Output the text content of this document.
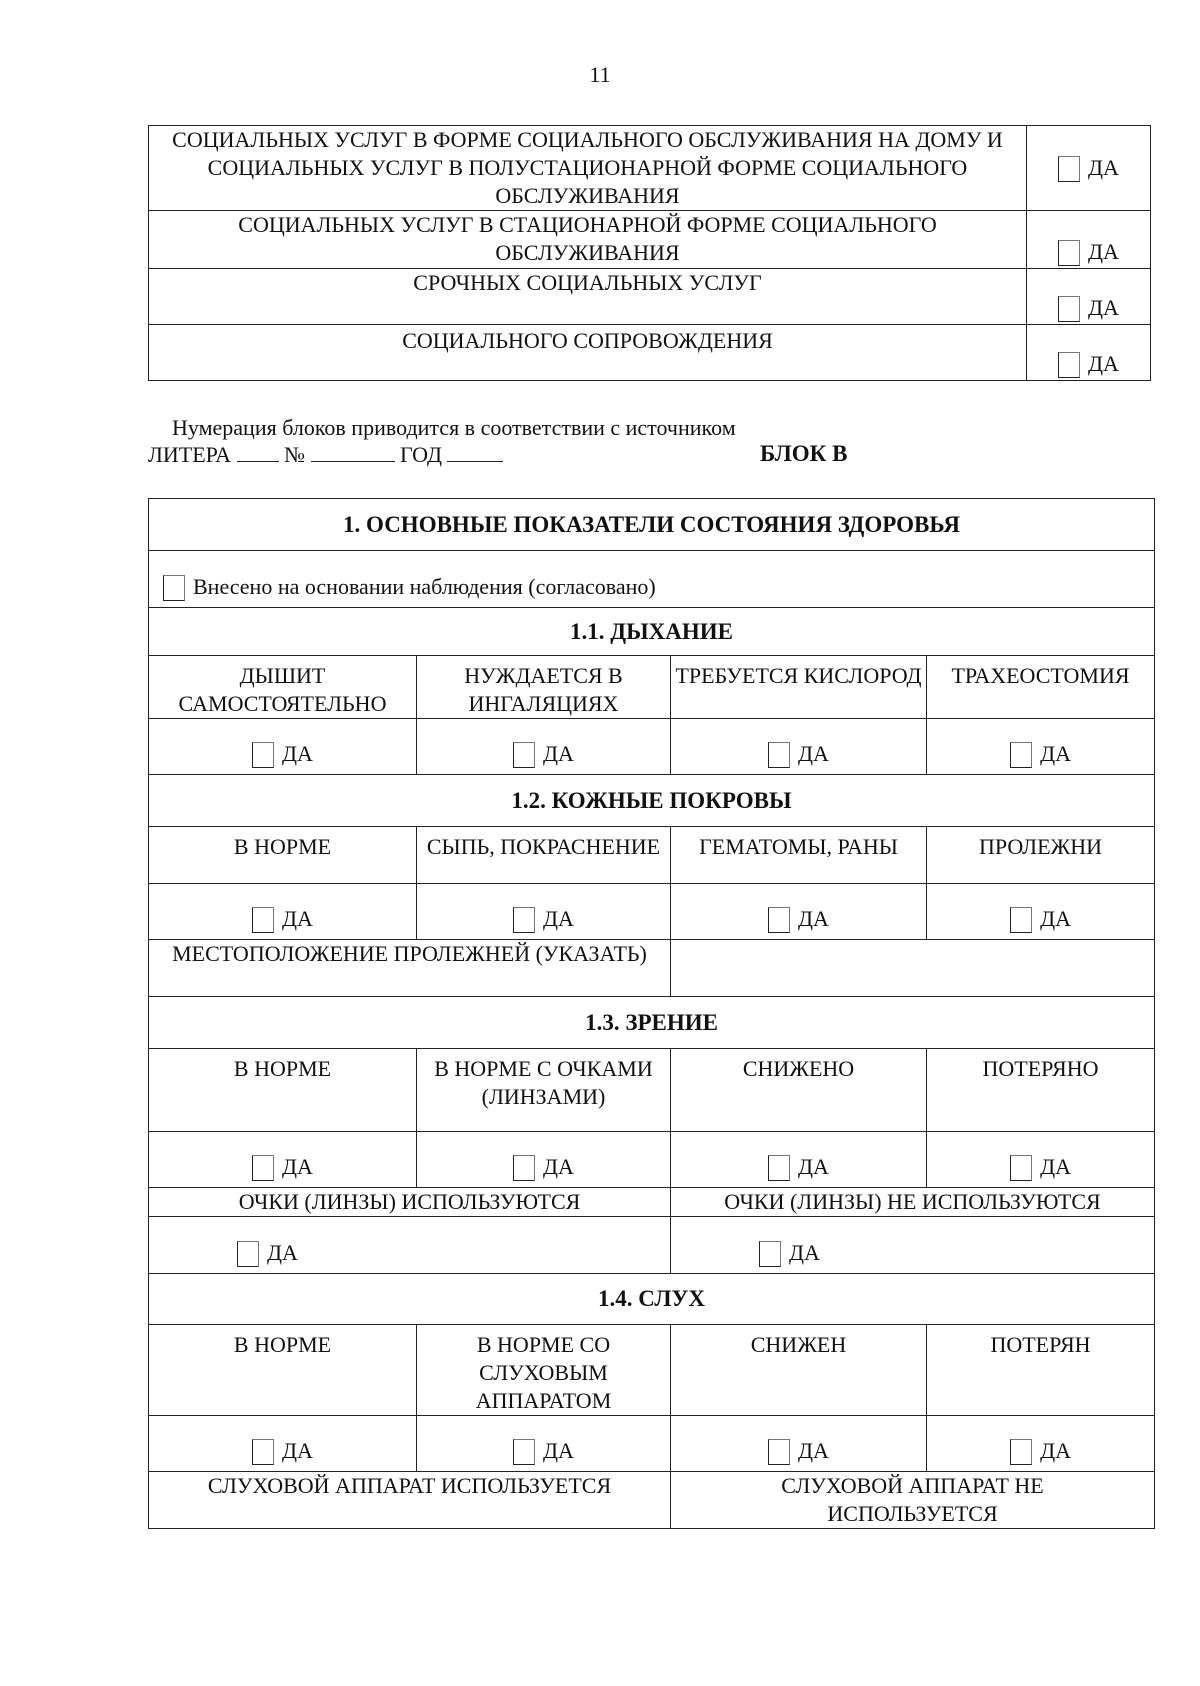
11
СОЦИАЛЬНЫХ УСЛУГ В ФОРМЕ СОЦИАЛЬНОГО ОБСЛУЖИВАНИЯ НА ДОМУ И СОЦИАЛЬНЫХ УСЛУГ В ПОЛУСТАЦИОНАРНОЙ ФОРМЕ СОЦИАЛЬНОГО ОБСЛУЖИВАНИЯ	ДА
СОЦИАЛЬНЫХ УСЛУГ В СТАЦИОНАРНОЙ ФОРМЕ СОЦИАЛЬНОГО ОБСЛУЖИВАНИЯ	ДА
СРОЧНЫХ СОЦИАЛЬНЫХ УСЛУГ	ДА
СОЦИАЛЬНОГО СОПРОВОЖДЕНИЯ	ДА
Нумерация блоков приводится в соответствии с источником
ЛИТЕРА №	ГОД	БЛОК В
1. ОСНОВНЫЕ ПОКАЗАТЕЛИ СОСТОЯНИЯ ЗДОРОВЬЯ			
Внесено на основании наблюдения (согласовано)			
1.1. ДЫХАНИЕ			
ДЫШИТ САМОСТОЯТЕЛЬНО	НУЖДАЕТСЯ В ИНГАЛЯЦИЯХ	ТРЕБУЕТСЯ КИСЛОРОД	ТРАХЕОСТОМИЯ
ДА	ДА	ДА	ДА
1.2. КОЖНЫЕ ПОКРОВЫ			
В НОРМЕ	СЫПЬ, ПОКРАСНЕНИЕ	ГЕМАТОМЫ, РАНЫ	ПРОЛЕЖНИ
ДА	ДА	ДА	ДА
МЕСТОПОЛОЖЕНИЕ ПРОЛЕЖНЕЙ (УКАЗАТЬ)			
1.3. ЗРЕНИЕ			
В НОРМЕ	В НОРМЕ С ОЧКАМИ (ЛИНЗАМИ)	СНИЖЕНО	ПОТЕРЯНО
ДА	ДА	ДА	ДА
ОЧКИ (ЛИНЗЫ) ИСПОЛЬЗУЮТСЯ		ОЧКИ (ЛИНЗЫ) НЕ ИСПОЛЬЗУЮТСЯ	
ДА		ДА	
1.4. СЛУХ			
В НОРМЕ	В НОРМЕ СО СЛУХОВЫМ АППАРАТОМ	СНИЖЕН	ПОТЕРЯН
ДА	ДА	ДА	ДА
СЛУХОВОЙ АППАРАТ ИСПОЛЬЗУЕТСЯ		СЛУХОВОЙ АППАРАТ НЕ ИСПОЛЬЗУЕТСЯ	
